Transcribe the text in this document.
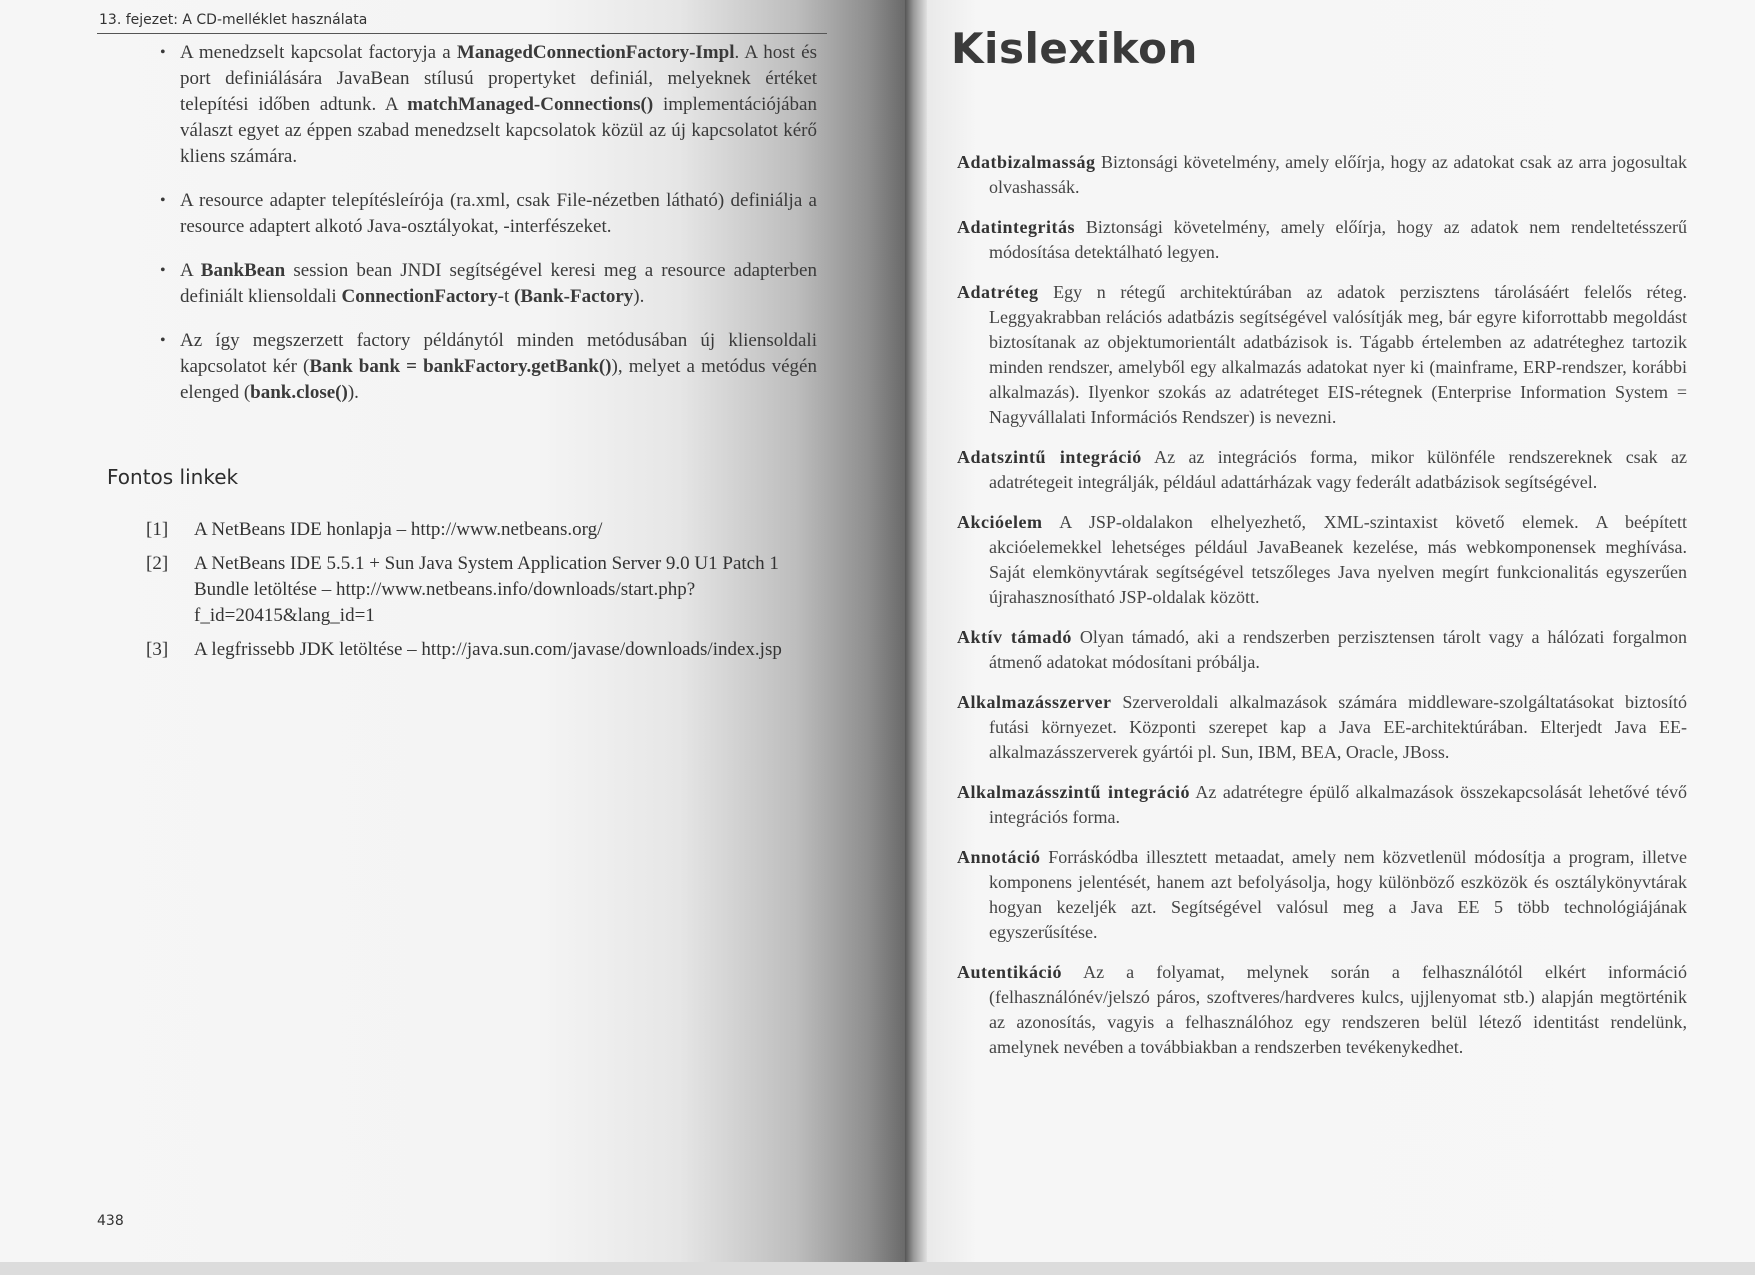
13. fejezet: A CD-melléklet használata
• A menedzselt kapcsolat factoryja a ManagedConnectionFactory-Impl. A host és port definiálására JavaBean stílusú propertyket definiál, melyeknek értéket telepítési időben adtunk. A matchManaged-Connections() implementációjában választ egyet az éppen szabad menedzselt kapcsolatok közül az új kapcsolatot kérő kliens számára.
• A resource adapter telepítésleírója (ra.xml, csak File-nézetben látható) definiálja a resource adaptert alkotó Java-osztályokat, -interfészeket.
• A BankBean session bean JNDI segítségével keresi meg a resource adapterben definiált kliensoldali ConnectionFactory-t (Bank-Factory).
• Az így megszerzett factory példánytól minden metódusában új kliensoldali kapcsolatot kér (Bank bank = bankFactory.getBank()), melyet a metódus végén elenged (bank.close()).
Fontos linkek
[1] A NetBeans IDE honlapja – http://www.netbeans.org/
[2] A NetBeans IDE 5.5.1 + Sun Java System Application Server 9.0 U1 Patch 1 Bundle letöltése – http://www.netbeans.info/downloads/start.php?f_id=20415&lang_id=1
[3] A legfrissebb JDK letöltése – http://java.sun.com/javase/downloads/index.jsp
438
Kislexikon
Adatbizalmasság Biztonsági követelmény, amely előírja, hogy az adatokat csak az arra jogosultak olvashassák.
Adatintegritás Biztonsági követelmény, amely előírja, hogy az adatok nem rendeltetésszerű módosítása detektálható legyen.
Adatréteg Egy n rétegű architektúrában az adatok perzisztens tárolásáért felelős réteg. Leggyakrabban relációs adatbázis segítségével valósítják meg, bár egyre kiforrottabb megoldást biztosítanak az objektumorientált adatbázisok is. Tágabb értelemben az adatréteghez tartozik minden rendszer, amelyből egy alkalmazás adatokat nyer ki (mainframe, ERP-rendszer, korábbi alkalmazás). Ilyenkor szokás az adatréteget EIS-rétegnek (Enterprise Information System = Nagyvállalati Információs Rendszer) is nevezni.
Adatszintű integráció Az az integrációs forma, mikor különféle rendszereknek csak az adatrétegeit integrálják, például adattárházak vagy federált adatbázisok segítségével.
Akcióelem A JSP-oldalakon elhelyezhető, XML-szintaxist követő elemek. A beépített akcióelemekkel lehetséges például JavaBeanek kezelése, más webkomponensek meghívása. Saját elemkönyvtárak segítségével tetszőleges Java nyelven megírt funkcionalitás egyszerűen újrahasznosítható JSP-oldalak között.
Aktív támadó Olyan támadó, aki a rendszerben perzisztensen tárolt vagy a hálózati forgalmon átmenő adatokat módosítani próbálja.
Alkalmazásszerver Szerveroldali alkalmazások számára middleware-szolgáltatásokat biztosító futási környezet. Központi szerepet kap a Java EE-architektúrában. Elterjedt Java EE-alkalmazásszerverek gyártói pl. Sun, IBM, BEA, Oracle, JBoss.
Alkalmazásszintű integráció Az adatrétegre épülő alkalmazások összekapcsolását lehetővé tévő integrációs forma.
Annotáció Forráskódba illesztett metaadat, amely nem közvetlenül módosítja a program, illetve komponens jelentését, hanem azt befolyásolja, hogy különböző eszközök és osztálykönyvtárak hogyan kezeljék azt. Segítségével valósul meg a Java EE 5 több technológiájának egyszerűsítése.
Autentikáció Az a folyamat, melynek során a felhasználótól elkért információ (felhasználónév/jelszó páros, szoftveres/hardveres kulcs, ujjlenyomat stb.) alapján megtörténik az azonosítás, vagyis a felhasználóhoz egy rendszeren belül létező identitást rendelünk, amelynek nevében a továbbiakban a rendszerben tevékenykedhet.
